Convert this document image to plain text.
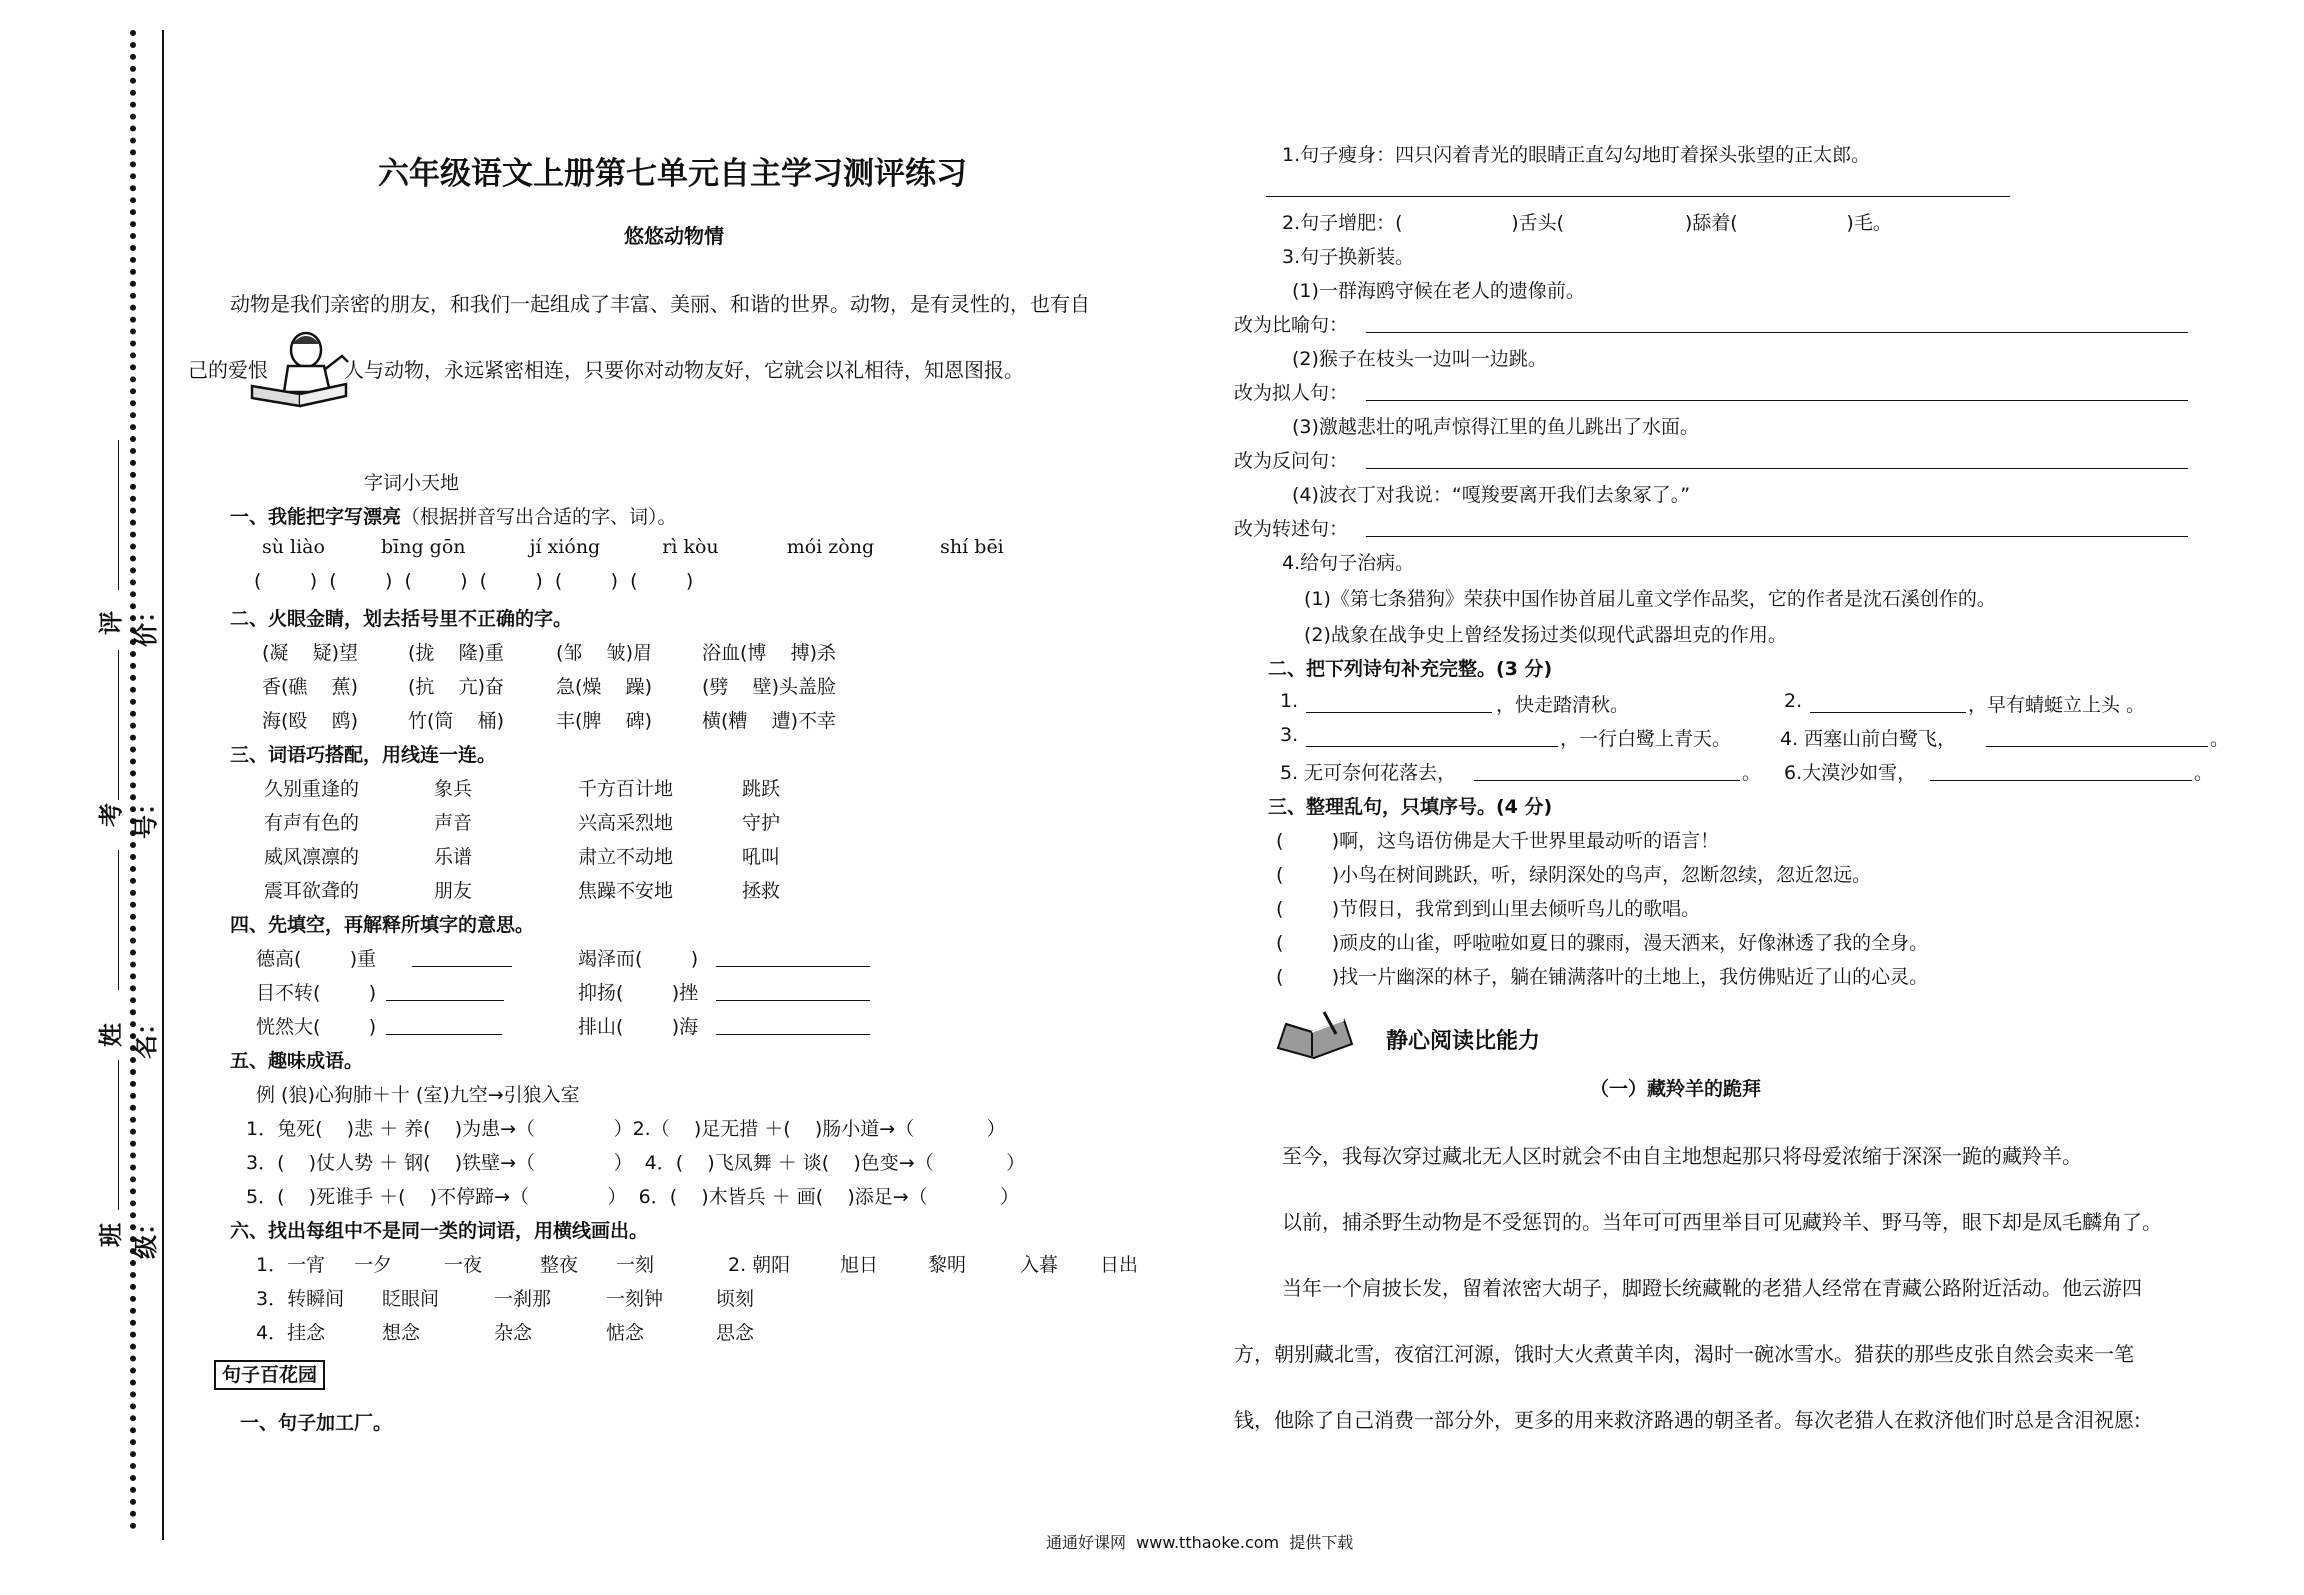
评价：
考号：
姓名：
班级：
六年级语文上册第七单元自主学习测评练习
悠悠动物情
动物是我们亲密的朋友，和我们一起组成了丰富、美丽、和谐的世界。动物，是有灵性的，也有自
己的爱恨	人与动物，永远紧密相连，只要你对动物友好，它就会以礼相待，知恩图报。
字词小天地
一、我能把字写漂亮（根据拼音写出合适的字、词）。
sù liào	bīng gōn	jí xióng	rì kòu	mói zòng	shí bēi
(        )  (        )  (        )  (        )  (        )  (        )
二、火眼金睛，划去括号里不正确的字。
(凝    疑)望	(拢    隆)重	(邹    皱)眉	浴血(博    搏)杀
香(礁    蕉)	(抗    亢)奋	急(燥    躁)	(劈    壁)头盖脸
海(殴    鸥)	竹(筒    桶)	丰(脾    碑)	横(糟    遭)不幸
三、词语巧搭配，用线连一连。
久别重逢的	象兵	千方百计地	跳跃
有声有色的	声音	兴高采烈地	守护
威风凛凛的	乐谱	肃立不动地	吼叫
震耳欲聋的	朋友	焦躁不安地	拯救
四、先填空，再解释所填字的意思。
德高(        )重	竭泽而(        )
目不转(        )	抑扬(        )挫
恍然大(        )	排山(        )海
五、趣味成语。
例 (狼)心狗肺＋十 (室)九空→引狼入室
1．兔死(    )悲 ＋ 养(    )为患→（             ）2.（    )足无措 ＋(    )肠小道→（            ）
3．(    )仗人势 ＋ 钢(    )铁壁→（             ）  4．(    )飞凤舞 ＋ 谈(    )色变→（            ）
5．(    )死谁手 ＋(    )不停蹄→（             ）  6．(    )木皆兵 ＋ 画(    )添足→（            ）
六、找出每组中不是同一类的词语，用横线画出。
1．一宵 一夕	一夜	整夜 一刻	2. 朝阳	旭日	黎明	入暮 日出
3．转瞬间 眨眼间	一刹那	一刻钟	顷刻
4．挂念	想念	杂念	惦念	思念
句子百花园
一、句子加工厂。
1.句子瘦身：四只闪着青光的眼睛正直勾勾地盯着探头张望的正太郎。
2.句子增肥：(                  )舌头(                    )舔着(                  )毛。
3.句子换新装。
(1)一群海鸥守候在老人的遗像前。
改为比喻句：
(2)猴子在枝头一边叫一边跳。
改为拟人句：
(3)激越悲壮的吼声惊得江里的鱼儿跳出了水面。
改为反问句：
(4)波衣丁对我说：“嘎羧要离开我们去象冢了。”
改为转述句：
4.给句子治病。
(1)《第七条猎狗》荣获中国作协首届儿童文学作品奖，它的作者是沈石溪创作的。
(2)战象在战争史上曾经发扬过类似现代武器坦克的作用。
二、把下列诗句补充完整。(3 分)
1.	，快走踏清秋。	2.	，早有蜻蜓立上头 。
3.	，一行白鹭上青天。	4. 西塞山前白鹭飞，	。
5. 无可奈何花落去，	。 6.大漠沙如雪，	。
三、整理乱句，只填序号。(4 分)
(        )啊，这鸟语仿佛是大千世界里最动听的语言！
(        )小鸟在树间跳跃，听，绿阴深处的鸟声，忽断忽续，忽近忽远。
(        )节假日，我常到到山里去倾听鸟儿的歌唱。
(        )顽皮的山雀，呼啦啦如夏日的骤雨，漫天洒来，好像淋透了我的全身。
(        )找一片幽深的林子，躺在铺满落叶的土地上，我仿佛贴近了山的心灵。
静心阅读比能力
（一）藏羚羊的跪拜
至今，我每次穿过藏北无人区时就会不由自主地想起那只将母爱浓缩于深深一跪的藏羚羊。
以前，捕杀野生动物是不受惩罚的。当年可可西里举目可见藏羚羊、野马等，眼下却是凤毛麟角了。
当年一个肩披长发，留着浓密大胡子，脚蹬长统藏靴的老猎人经常在青藏公路附近活动。他云游四
方，朝别藏北雪，夜宿江河源，饿时大火煮黄羊肉，渴时一碗冰雪水。猎获的那些皮张自然会卖来一笔
钱，他除了自己消费一部分外，更多的用来救济路遇的朝圣者。每次老猎人在救济他们时总是含泪祝愿:
通通好课网  www.tthaoke.com  提供下载
